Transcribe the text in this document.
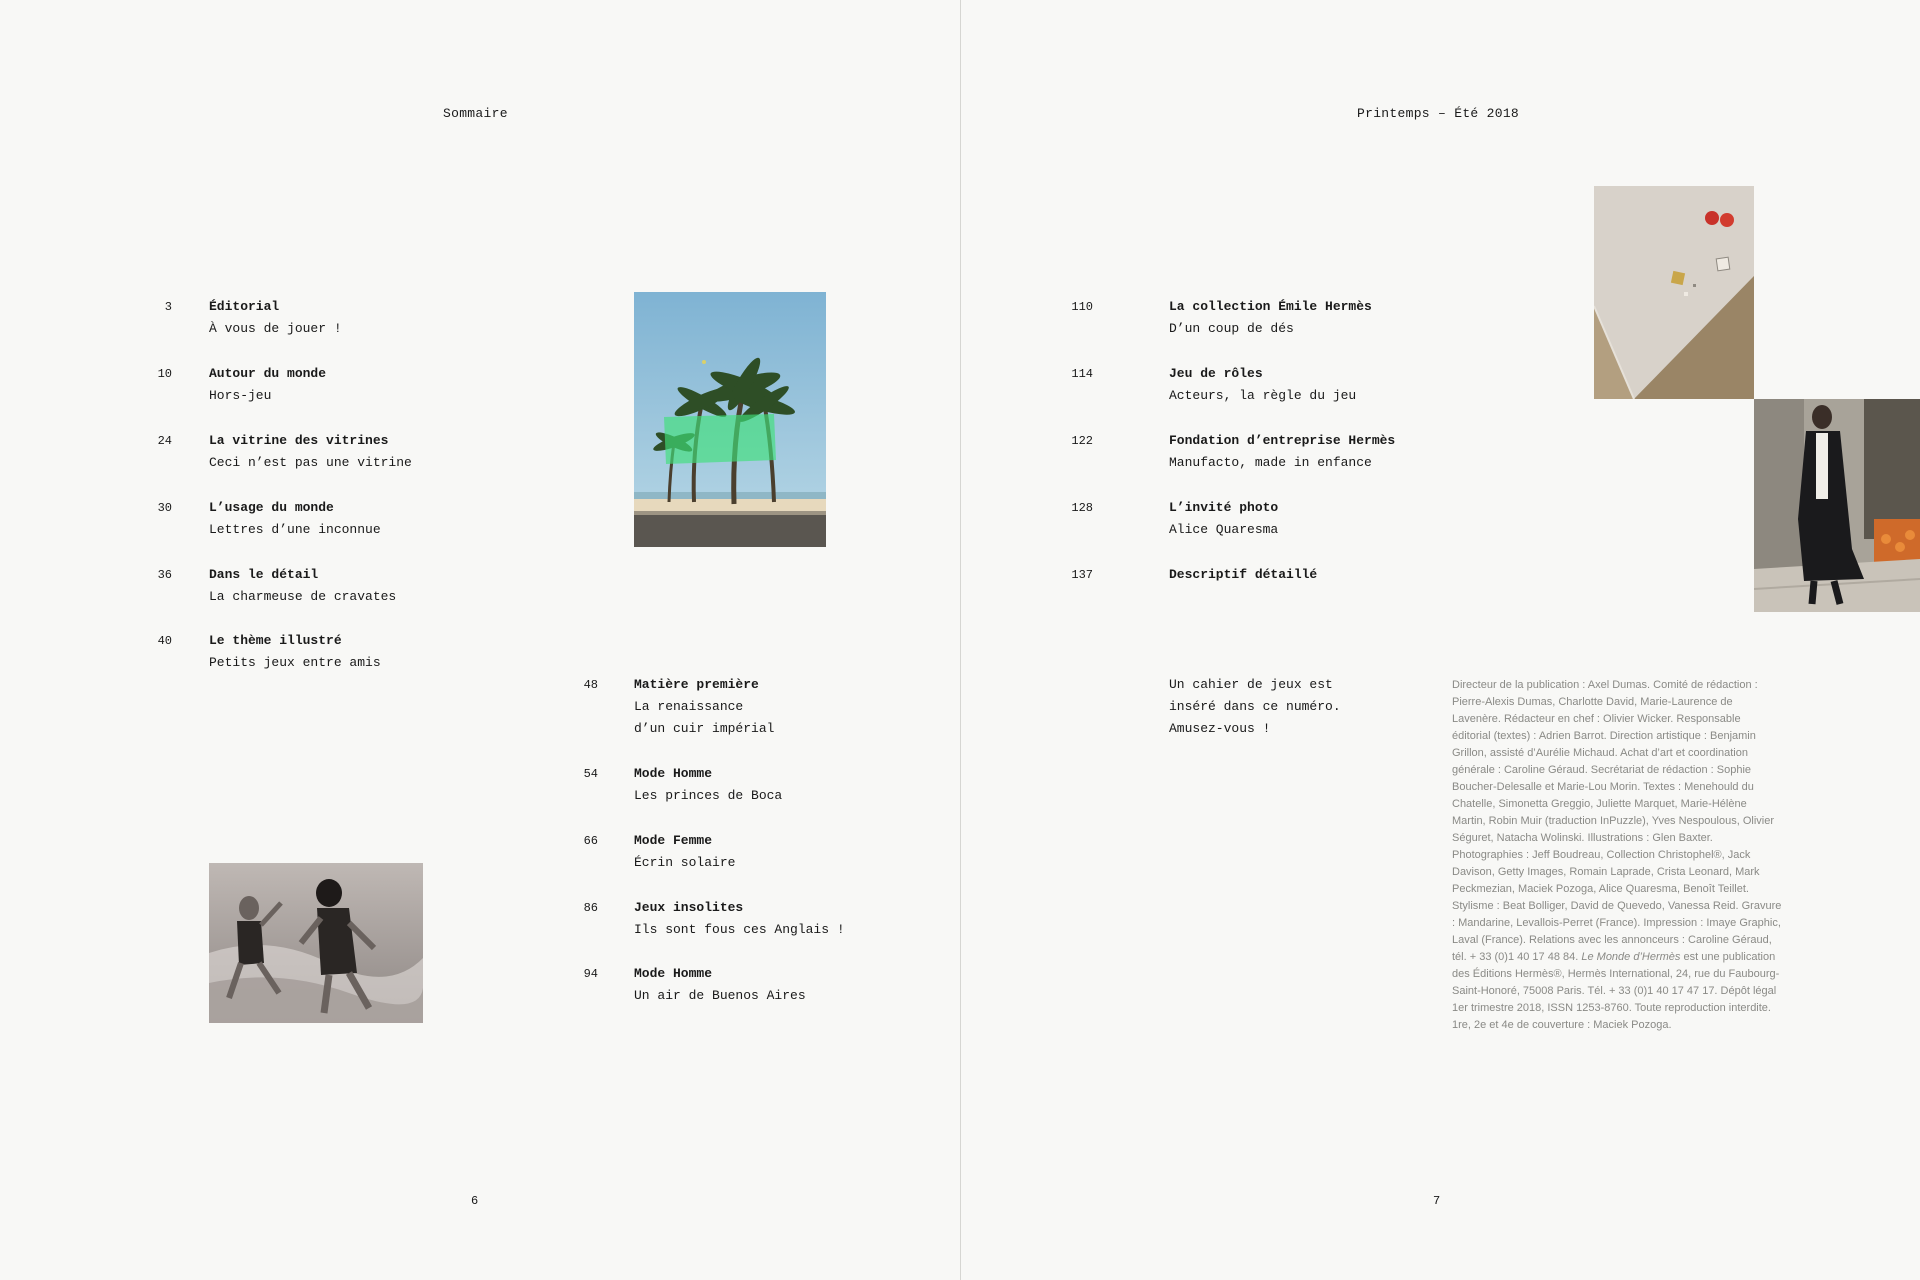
Sommaire
3	Éditorial
À vous de jouer !
10	Autour du monde
Hors-jeu
24	La vitrine des vitrines
Ceci n’est pas une vitrine
30	L’usage du monde
Lettres d’une inconnue
36	Dans le détail
La charmeuse de cravates
40	Le thème illustré
Petits jeux entre amis
48	Matière première
La renaissance
d’un cuir impérial
54	Mode Homme
Les princes de Boca
66	Mode Femme
Écrin solaire
86	Jeux insolites
Ils sont fous ces Anglais !
94	Mode Homme
Un air de Buenos Aires
6
Printemps – Été 2018
110	La collection Émile Hermès
D’un coup de dés
114	Jeu de rôles
Acteurs, la règle du jeu
122	Fondation d’entreprise Hermès
Manufacto, made in enfance
128	L’invité photo
Alice Quaresma
137	Descriptif détaillé
Un cahier de jeux est
inséré dans ce numéro.
Amusez-vous !
Directeur de la publication : Axel Dumas. Comité de rédaction : Pierre-Alexis Dumas, Charlotte David, Marie-Laurence de Lavenère. Rédacteur en chef : Olivier Wicker. Responsable éditorial (textes) : Adrien Barrot. Direction artistique : Benjamin Grillon, assisté d’Aurélie Michaud. Achat d’art et coordination générale : Caroline Géraud. Secrétariat de rédaction : Sophie Boucher-Delesalle et Marie-Lou Morin. Textes : Menehould du Chatelle, Simonetta Greggio, Juliette Marquet, Marie-Hélène Martin, Robin Muir (traduction InPuzzle), Yves Nespoulous, Olivier Séguret, Natacha Wolinski. Illustrations : Glen Baxter. Photographies : Jeff Boudreau, Collection Christophel®, Jack Davison, Getty Images, Romain Laprade, Crista Leonard, Mark Peckmezian, Maciek Pozoga, Alice Quaresma, Benoît Teillet. Stylisme : Beat Bolliger, David de Quevedo, Vanessa Reid. Gravure : Mandarine, Levallois-Perret (France). Impression : Imaye Graphic, Laval (France). Relations avec les annonceurs : Caroline Géraud, tél. + 33 (0)1 40 17 48 84. Le Monde d’Hermès est une publication des Éditions Hermès®, Hermès International, 24, rue du Faubourg-Saint-Honoré, 75008 Paris. Tél. + 33 (0)1 40 17 47 17. Dépôt légal 1er trimestre 2018, ISSN 1253-8760. Toute reproduction interdite. 1re, 2e et 4e de couverture : Maciek Pozoga.
7
